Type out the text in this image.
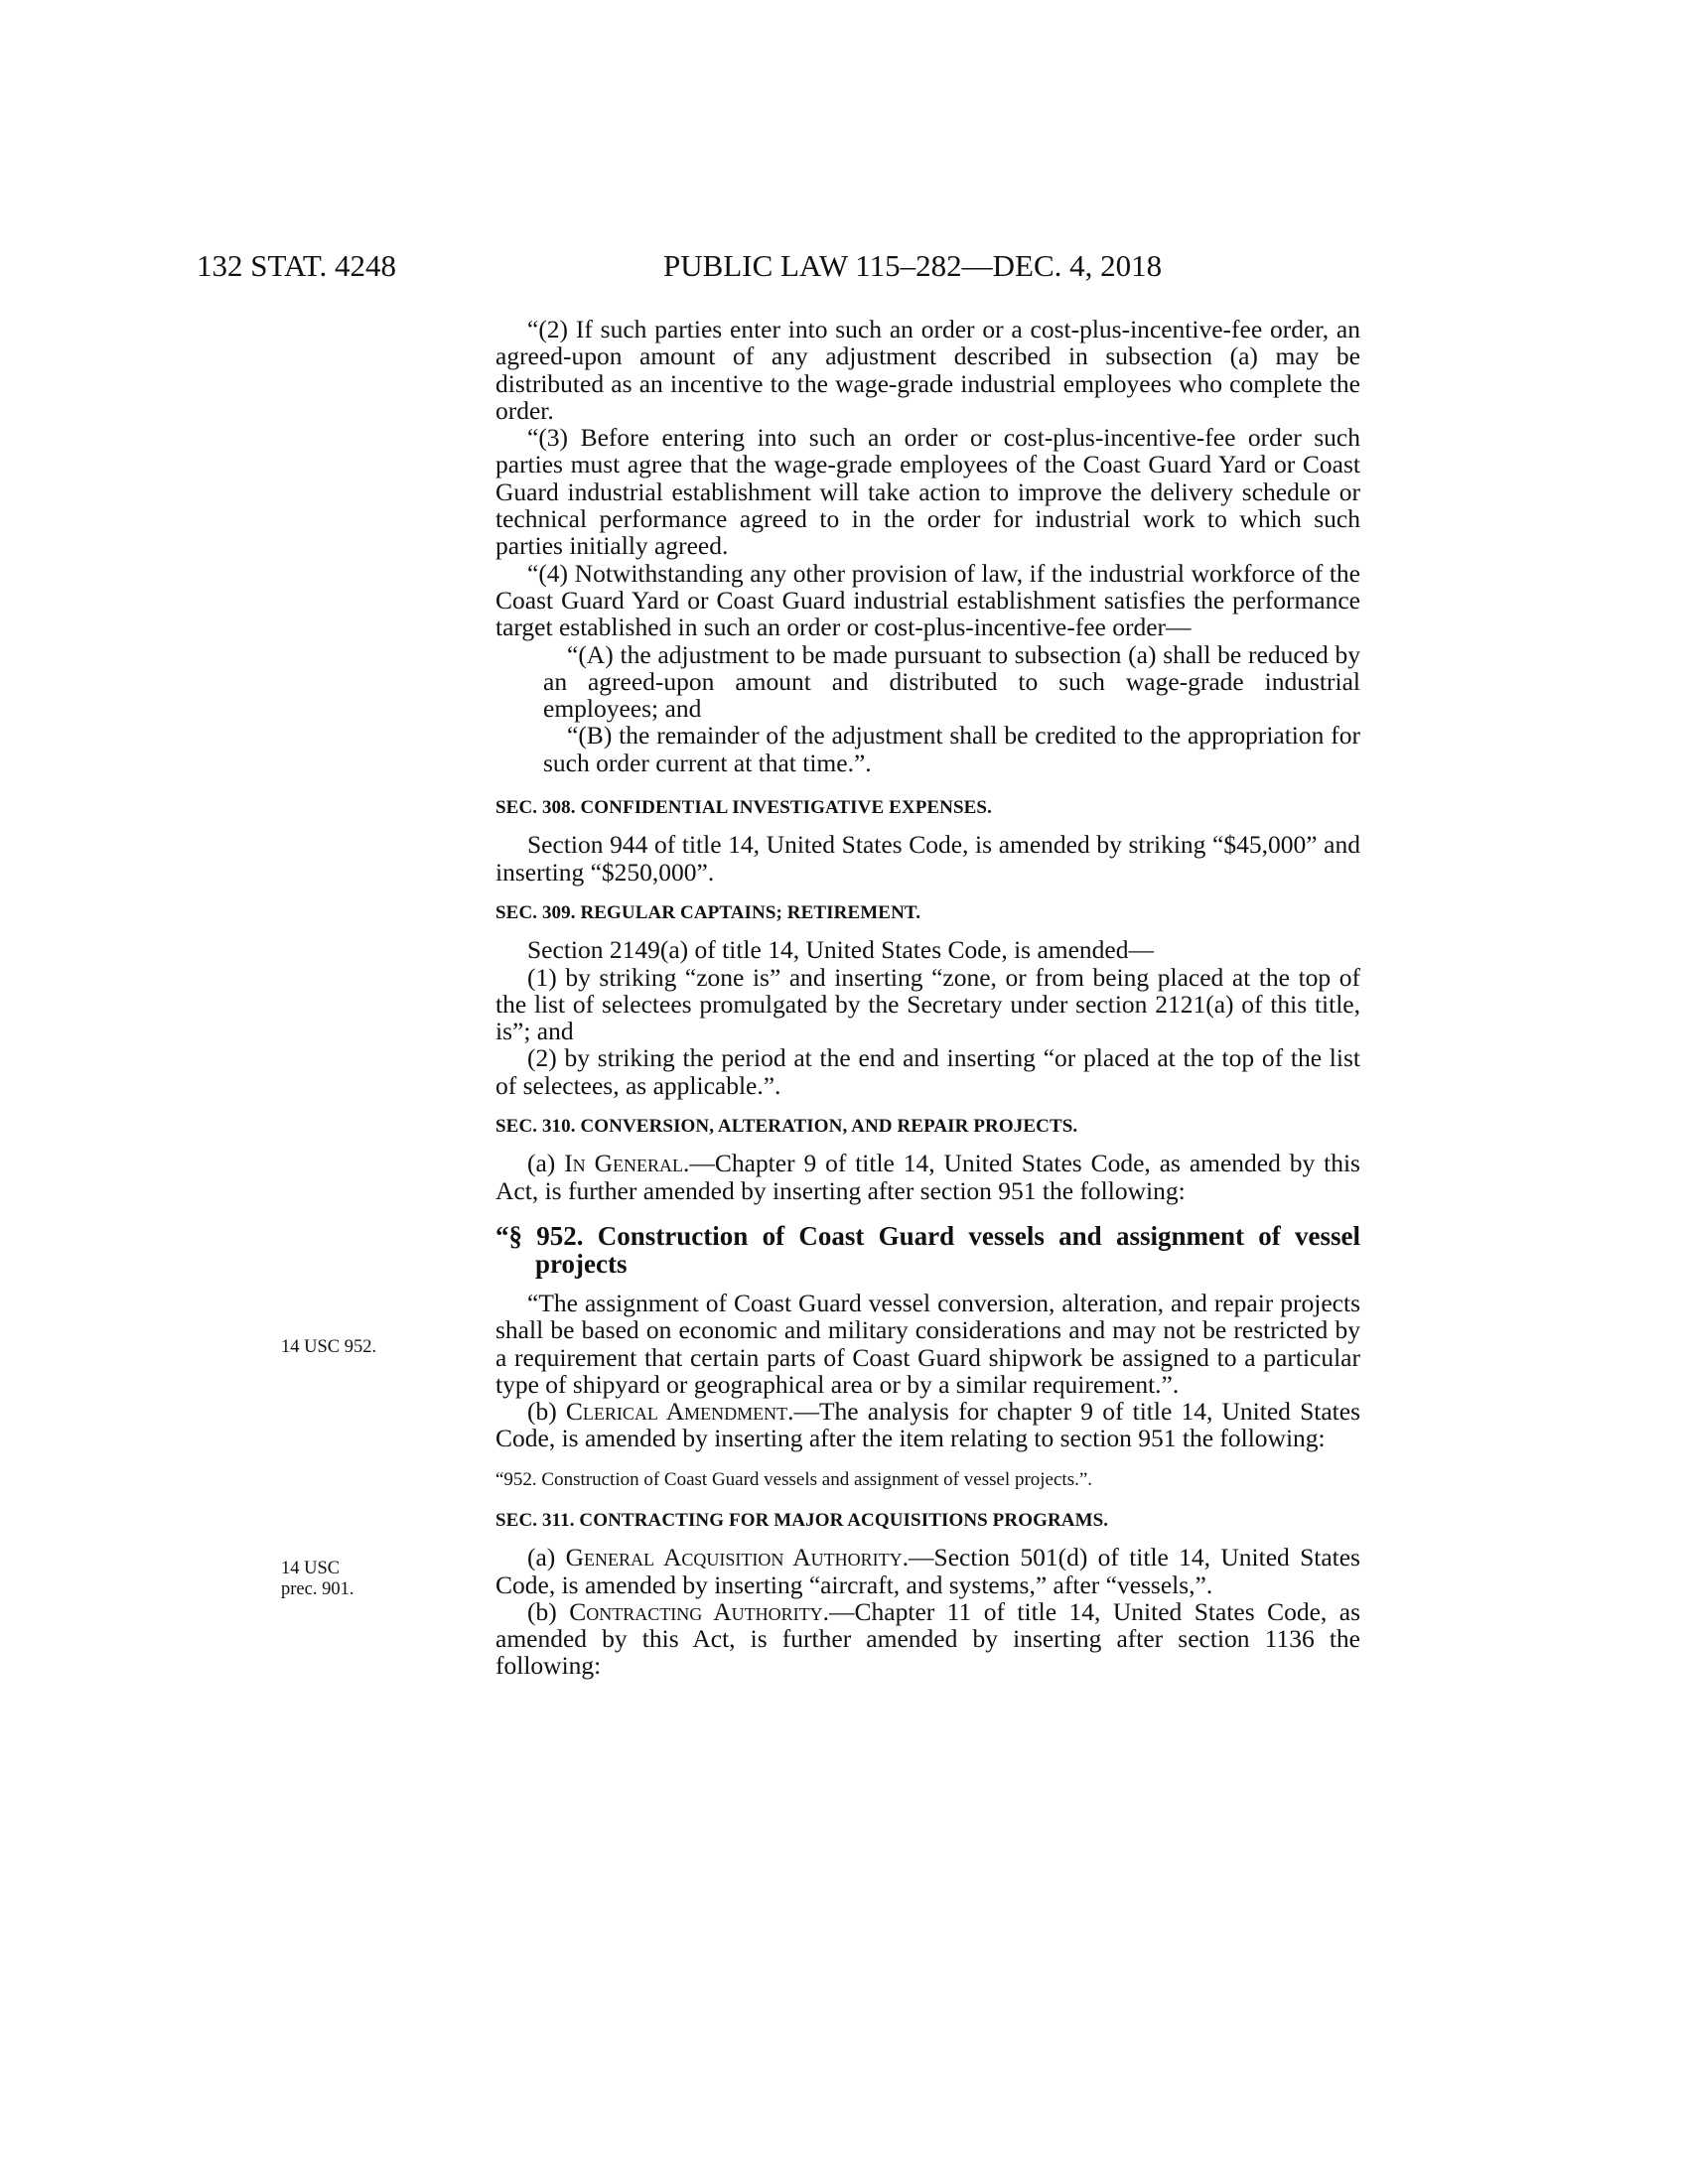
132 STAT. 4248	PUBLIC LAW 115–282—DEC. 4, 2018
14 USC 952.
14 USC
prec. 901.

“(2) If such parties enter into such an order or a cost-plus-incentive-fee order, an agreed-upon amount of any adjustment described in subsection (a) may be distributed as an incentive to the wage-grade industrial employees who complete the order.

“(3) Before entering into such an order or cost-plus-incentive-fee order such parties must agree that the wage-grade employees of the Coast Guard Yard or Coast Guard industrial establishment will take action to improve the delivery schedule or technical performance agreed to in the order for industrial work to which such parties initially agreed.

“(4) Notwithstanding any other provision of law, if the industrial workforce of the Coast Guard Yard or Coast Guard industrial establishment satisfies the performance target established in such an order or cost-plus-incentive-fee order—

“(A) the adjustment to be made pursuant to subsection (a) shall be reduced by an agreed-upon amount and distributed to such wage-grade industrial employees; and

“(B) the remainder of the adjustment shall be credited to the appropriation for such order current at that time.”.

SEC. 308. CONFIDENTIAL INVESTIGATIVE EXPENSES.

Section 944 of title 14, United States Code, is amended by striking “$45,000” and inserting “$250,000”.

SEC. 309. REGULAR CAPTAINS; RETIREMENT.

Section 2149(a) of title 14, United States Code, is amended—

(1) by striking “zone is” and inserting “zone, or from being placed at the top of the list of selectees promulgated by the Secretary under section 2121(a) of this title, is”; and

(2) by striking the period at the end and inserting “or placed at the top of the list of selectees, as applicable.”.

SEC. 310. CONVERSION, ALTERATION, AND REPAIR PROJECTS.

(a) In General.—Chapter 9 of title 14, United States Code, as amended by this Act, is further amended by inserting after section 951 the following:

“§ 952. Construction of Coast Guard vessels and assignment of vessel projects

“The assignment of Coast Guard vessel conversion, alteration, and repair projects shall be based on economic and military considerations and may not be restricted by a requirement that certain parts of Coast Guard shipwork be assigned to a particular type of shipyard or geographical area or by a similar requirement.”.

(b) Clerical Amendment.—The analysis for chapter 9 of title 14, United States Code, is amended by inserting after the item relating to section 951 the following:

“952. Construction of Coast Guard vessels and assignment of vessel projects.”.

SEC. 311. CONTRACTING FOR MAJOR ACQUISITIONS PROGRAMS.

(a) General Acquisition Authority.—Section 501(d) of title 14, United States Code, is amended by inserting “aircraft, and systems,” after “vessels,”.

(b) Contracting Authority.—Chapter 11 of title 14, United States Code, as amended by this Act, is further amended by inserting after section 1136 the following:
